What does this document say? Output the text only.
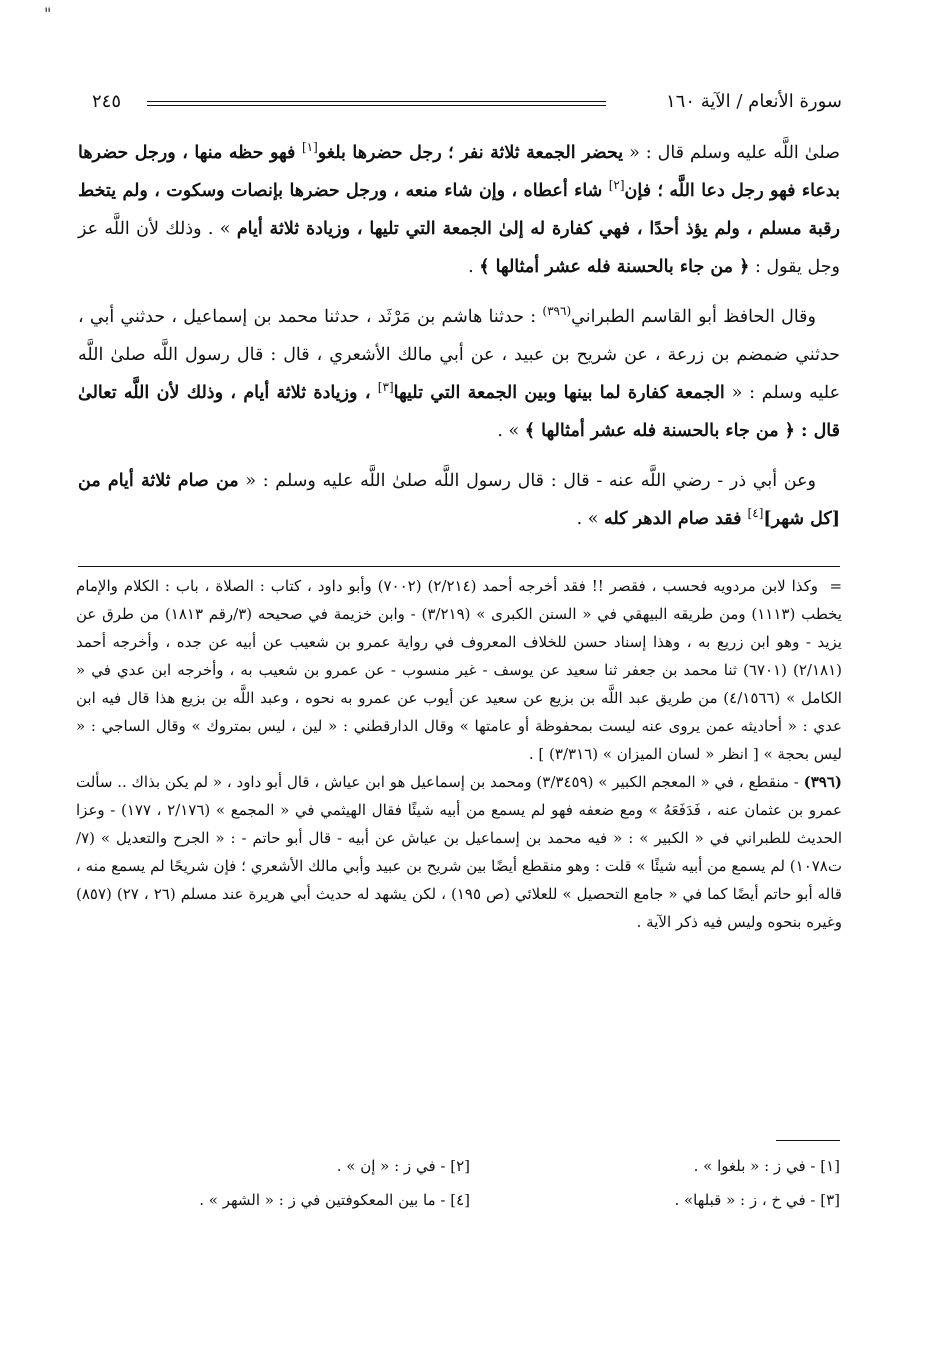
"
سورة الأنعام / الآية ١٦٠
٢٤٥

صلىٰ اللَّه عليه وسلم قال : « يحضر الجمعة ثلاثة نفر ؛ رجل حضرها بلغو[١] فهو حظه منها ، ورجل حضرها بدعاء فهو رجل دعا اللَّه ؛ فإن[٢] شاء أعطاه ، وإن شاء منعه ، ورجل حضرها بإنصات وسكوت ، ولم يتخط رقبة مسلم ، ولم يؤذ أحدًا ، فهي كفارة له إلىٰ الجمعة التي تليها ، وزيادة ثلاثة أيام » . وذلك لأن اللَّه عز وجل يقول : ﴿ من جاء بالحسنة فله عشر أمثالها ﴾ .

وقال الحافظ أبو القاسم الطبراني$^{(٣٩٦)}$ : حدثنا هاشم بن مَرْثَد ، حدثنا محمد بن إسماعيل ، حدثني أبي ، حدثني ضمضم بن زرعة ، عن شريح بن عبيد ، عن أبي مالك الأشعري ، قال : قال رسول اللَّه صلىٰ اللَّه عليه وسلم : « الجمعة كفارة لما بينها وبين الجمعة التي تليها[٣] ، وزيادة ثلاثة أيام ، وذلك لأن اللَّه تعالىٰ قال : ﴿ من جاء بالحسنة فله عشر أمثالها ﴾ » .

وعن أبي ذر - رضي اللَّه عنه - قال : قال رسول اللَّه صلىٰ اللَّه عليه وسلم : « من صام ثلاثة أيام من [كل شهر][٤] فقد صام الدهر كله » .

=وكذا لابن مردويه فحسب ، فقصر !! فقد أخرجه أحمد (٢/٢١٤) (٧٠٠٢) وأبو داود ، كتاب : الصلاة ، باب : الكلام والإمام يخطب (١١١٣) ومن طريقه البيهقي في « السنن الكبرى » (٣/٢١٩) - وابن خزيمة في صحيحه (٣/رقم ١٨١٣) من طرق عن يزيد - وهو ابن زريع به ، وهذا إسناد حسن للخلاف المعروف في رواية عمرو بن شعيب عن أبيه عن جده ، وأخرجه أحمد (٢/١٨١) (٦٧٠١) ثنا محمد بن جعفر ثنا سعيد عن يوسف - غير منسوب - عن عمرو بن شعيب به ، وأخرجه ابن عدي في « الكامل » (٤/١٥٦٦) من طريق عبد اللَّه بن بزيع عن سعيد عن أيوب عن عمرو به نحوه ، وعبد اللَّه بن بزيع هذا قال فيه ابن عدي : « أحاديثه عمن يروى عنه ليست بمحفوظة أو عامتها » وقال الدارقطني : « لين ، ليس بمتروك » وقال الساجي : « ليس بحجة » [ انظر « لسان الميزان » (٣/٣١٦) ] .

(٣٩٦) - منقطع ، في « المعجم الكبير » (٣/٣٤٥٩) ومحمد بن إسماعيل هو ابن عياش ، قال أبو داود ، « لم يكن بذاك .. سألت عمرو بن عثمان عنه ، فَدَفَعَهُ » ومع ضعفه فهو لم يسمع من أبيه شيئًا فقال الهيثمي في « المجمع » (٢/١٧٦ ، ١٧٧) - وعزا الحديث للطبراني في « الكبير » : « فيه محمد بن إسماعيل بن عياش عن أبيه - قال أبو حاتم - : « الجرح والتعديل » (٧/ت١٠٧٨) لم يسمع من أبيه شيئًا » قلت : وهو منقطع أيضًا بين شريح بن عبيد وأبي مالك الأشعري ؛ فإن شريحًا لم يسمع منه ، قاله أبو حاتم أيضًا كما في « جامع التحصيل » للعلائي (ص ١٩٥) ، لكن يشهد له حديث أبي هريرة عند مسلم (٢٦ ، ٢٧) (٨٥٧) وغيره بنحوه وليس فيه ذكر الآية .

[١] - في ز : « بلغوا » .
[٢] - في ز : « إن » .
[٣] - في خ ، ز : « قبلها» .
[٤] - ما بين المعكوفتين في ز : « الشهر » .
